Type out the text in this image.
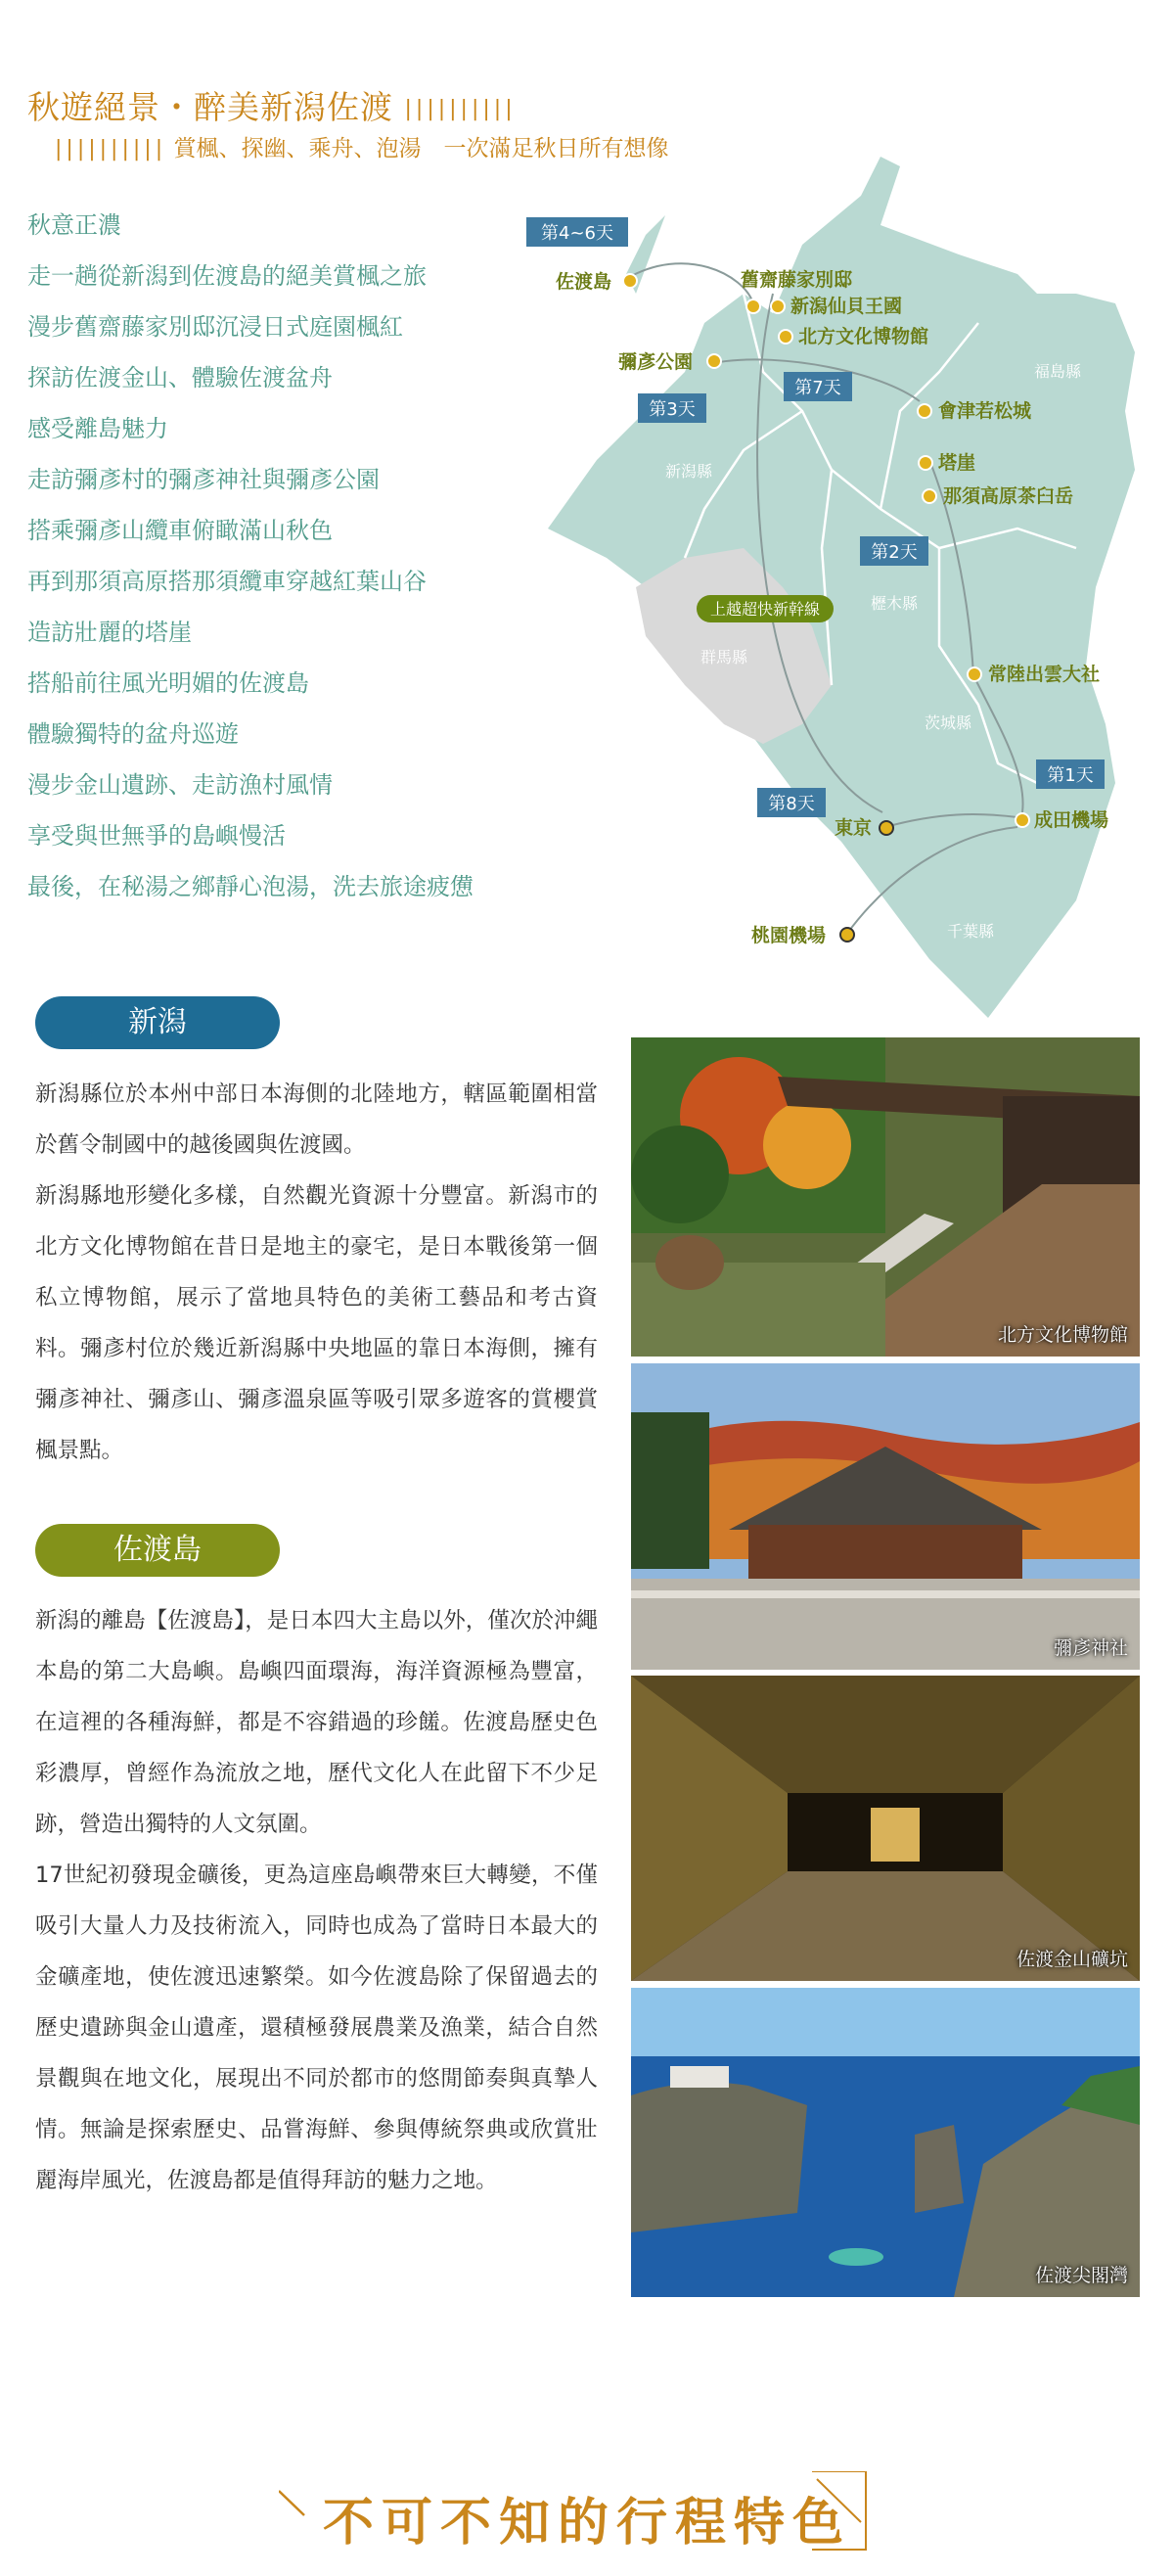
秋遊絕景・醉美新潟佐渡 ||||||||||
|||||||||| 賞楓、探幽、乘舟、泡湯　一次滿足秋日所有想像
秋意正濃
走一趟從新潟到佐渡島的絕美賞楓之旅
漫步舊齋藤家別邸沉浸日式庭園楓紅
探訪佐渡金山、體驗佐渡盆舟
感受離島魅力
走訪彌彥村的彌彥神社與彌彥公園
搭乘彌彥山纜車俯瞰滿山秋色
再到那須高原搭那須纜車穿越紅葉山谷
造訪壯麗的塔崖
搭船前往風光明媚的佐渡島
體驗獨特的盆舟巡遊
漫步金山遺跡、走訪漁村風情
享受與世無爭的島嶼慢活
最後，在秘湯之鄉靜心泡湯，洗去旅途疲憊
第4~6天
第3天
第7天
第2天
第1天
第8天
佐渡島	舊齋藤家別邸
新潟仙貝王國
北方文化博物館
彌彥公園
會津若松城
塔崖
那須高原茶臼岳
常陸出雲大社
成田機場
東京
桃園機場
福島縣
新潟縣
櫪木縣
群馬縣
茨城縣
千葉縣
上越超快新幹線
新潟

新潟縣位於本州中部日本海側的北陸地方，轄區範圍相當於舊令制國中的越後國與佐渡國。

新潟縣地形變化多樣，自然觀光資源十分豐富。新潟市的北方文化博物館在昔日是地主的豪宅，是日本戰後第一個私立博物館，展示了當地具特色的美術工藝品和考古資料。彌彥村位於幾近新潟縣中央地區的靠日本海側，擁有彌彥神社、彌彥山、彌彥溫泉區等吸引眾多遊客的賞櫻賞楓景點。

佐渡島

新潟的離島【佐渡島】，是日本四大主島以外，僅次於沖繩本島的第二大島嶼。島嶼四面環海，海洋資源極為豐富，在這裡的各種海鮮，都是不容錯過的珍饈。佐渡島歷史色彩濃厚，曾經作為流放之地，歷代文化人在此留下不少足跡，營造出獨特的人文氛圍。

17世紀初發現金礦後，更為這座島嶼帶來巨大轉變，不僅吸引大量人力及技術流入，同時也成為了當時日本最大的金礦產地，使佐渡迅速繁榮。如今佐渡島除了保留過去的歷史遺跡與金山遺產，還積極發展農業及漁業，結合自然景觀與在地文化，展現出不同於都市的悠閒節奏與真摯人情。無論是探索歷史、品嘗海鮮、參與傳統祭典或欣賞壯麗海岸風光，佐渡島都是值得拜訪的魅力之地。

北方文化博物館
彌彥神社
佐渡金山礦坑
佐渡尖閣灣
不可不知的行程特色
